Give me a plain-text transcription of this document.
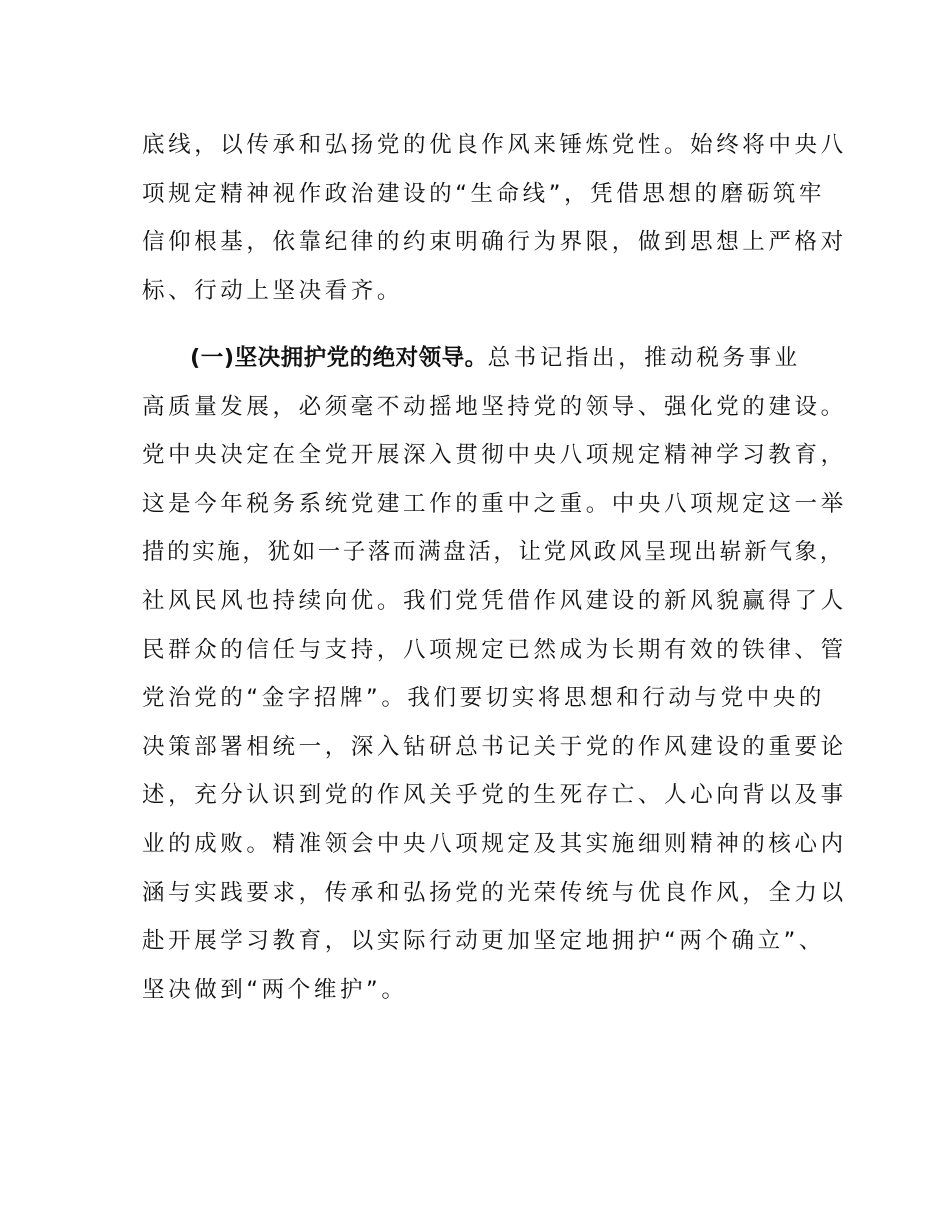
底线，以传承和弘扬党的优良作风来锤炼党性。始终将中央八
项规定精神视作政治建设的“生命线”，凭借思想的磨砺筑牢
信仰根基，依靠纪律的约束明确行为界限，做到思想上严格对
标、行动上坚决看齐。
(一)坚决拥护党的绝对领导。总书记指出，推动税务事业
高质量发展，必须毫不动摇地坚持党的领导、强化党的建设。
党中央决定在全党开展深入贯彻中央八项规定精神学习教育，
这是今年税务系统党建工作的重中之重。中央八项规定这一举
措的实施，犹如一子落而满盘活，让党风政风呈现出崭新气象，
社风民风也持续向优。我们党凭借作风建设的新风貌赢得了人
民群众的信任与支持，八项规定已然成为长期有效的铁律、管
党治党的“金字招牌”。我们要切实将思想和行动与党中央的
决策部署相统一，深入钻研总书记关于党的作风建设的重要论
述，充分认识到党的作风关乎党的生死存亡、人心向背以及事
业的成败。精准领会中央八项规定及其实施细则精神的核心内
涵与实践要求，传承和弘扬党的光荣传统与优良作风，全力以
赴开展学习教育，以实际行动更加坚定地拥护“两个确立”、
坚决做到“两个维护”。
